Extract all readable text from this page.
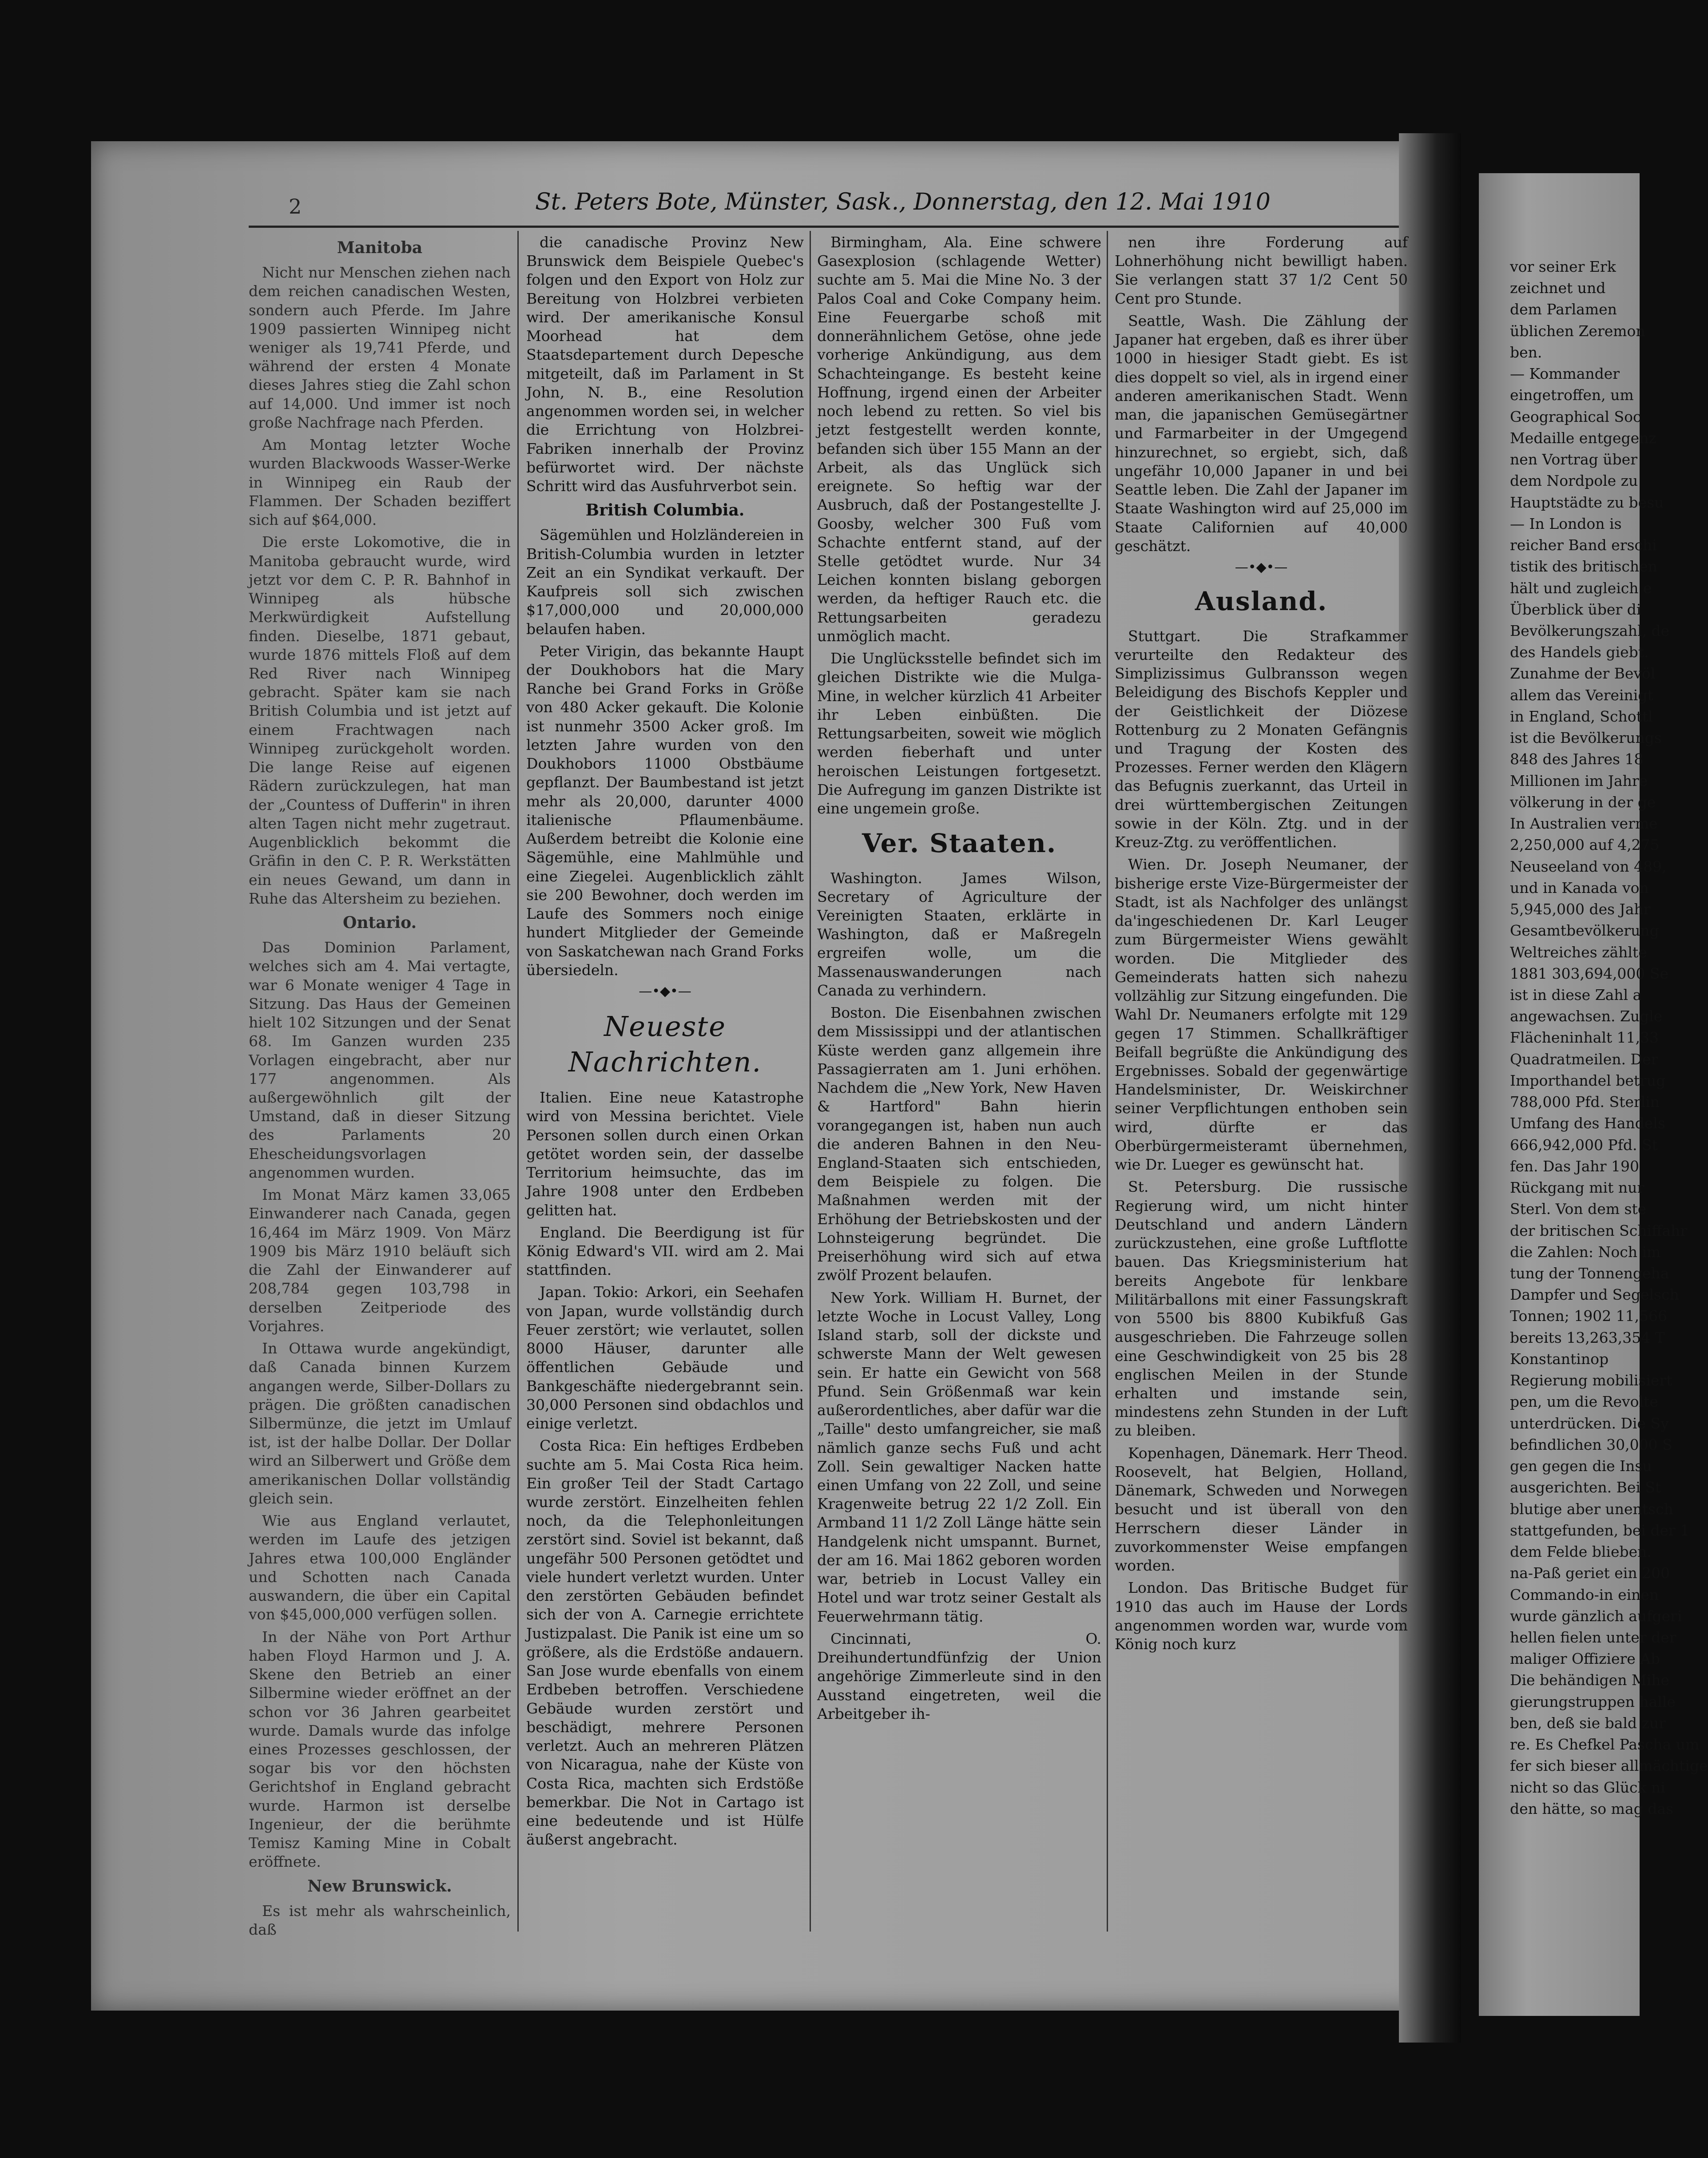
2	St. Peters Bote, Münster, Sask., Donnerstag, den 12. Mai 1910
Manitoba

Nicht nur Menschen ziehen nach dem reichen canadischen Westen, sondern auch Pferde. Im Jahre 1909 passierten Winnipeg nicht weniger als 19,741 Pferde, und während der ersten 4 Monate dieses Jahres stieg die Zahl schon auf 14,000. Und immer ist noch große Nachfrage nach Pferden.

Am Montag letzter Woche wurden Blackwoods Wasser-Werke in Winnipeg ein Raub der Flammen. Der Schaden beziffert sich auf $64,000.

Die erste Lokomotive, die in Manitoba gebraucht wurde, wird jetzt vor dem C. P. R. Bahnhof in Winnipeg als hübsche Merkwürdigkeit Aufstellung finden. Dieselbe, 1871 gebaut, wurde 1876 mittels Floß auf dem Red River nach Winnipeg gebracht. Später kam sie nach British Columbia und ist jetzt auf einem Frachtwagen nach Winnipeg zurückgeholt worden. Die lange Reise auf eigenen Rädern zurückzulegen, hat man der „Countess of Dufferin" in ihren alten Tagen nicht mehr zugetraut. Augenblicklich bekommt die Gräfin in den C. P. R. Werkstätten ein neues Gewand, um dann in Ruhe das Altersheim zu beziehen.

Ontario.

Das Dominion Parlament, welches sich am 4. Mai vertagte, war 6 Monate weniger 4 Tage in Sitzung. Das Haus der Gemeinen hielt 102 Sitzungen und der Senat 68. Im Ganzen wurden 235 Vorlagen eingebracht, aber nur 177 angenommen. Als außergewöhnlich gilt der Umstand, daß in dieser Sitzung des Parlaments 20 Ehescheidungsvorlagen angenommen wurden.

Im Monat März kamen 33,065 Einwanderer nach Canada, gegen 16,464 im März 1909. Von März 1909 bis März 1910 beläuft sich die Zahl der Einwanderer auf 208,784 gegen 103,798 in derselben Zeitperiode des Vorjahres.

In Ottawa wurde angekündigt, daß Canada binnen Kurzem angangen werde, Silber-Dollars zu prägen. Die größten canadischen Silbermünze, die jetzt im Umlauf ist, ist der halbe Dollar. Der Dollar wird an Silberwert und Größe dem amerikanischen Dollar vollständig gleich sein.

Wie aus England verlautet, werden im Laufe des jetzigen Jahres etwa 100,000 Engländer und Schotten nach Canada auswandern, die über ein Capital von $45,000,000 verfügen sollen.

In der Nähe von Port Arthur haben Floyd Harmon und J. A. Skene den Betrieb an einer Silbermine wieder eröffnet an der schon vor 36 Jahren gearbeitet wurde. Damals wurde das infolge eines Prozesses geschlossen, der sogar bis vor den höchsten Gerichtshof in England gebracht wurde. Harmon ist derselbe Ingenieur, der die berühmte Temisz Kaming Mine in Cobalt eröffnete.

New Brunswick.

Es ist mehr als wahrscheinlich, daß

die canadische Provinz New Brunswick dem Beispiele Quebec's folgen und den Export von Holz zur Bereitung von Holzbrei verbieten wird. Der amerikanische Konsul Moorhead hat dem Staatsdepartement durch Depesche mitgeteilt, daß im Parlament in St John, N. B., eine Resolution angenommen worden sei, in welcher die Errichtung von Holzbrei-Fabriken innerhalb der Provinz befürwortet wird. Der nächste Schritt wird das Ausfuhrverbot sein.

British Columbia.

Sägemühlen und Holzländereien in British-Columbia wurden in letzter Zeit an ein Syndikat verkauft. Der Kaufpreis soll sich zwischen $17,000,000 und 20,000,000 belaufen haben.

Peter Virigin, das bekannte Haupt der Doukhobors hat die Mary Ranche bei Grand Forks in Größe von 480 Acker gekauft. Die Kolonie ist nunmehr 3500 Acker groß. Im letzten Jahre wurden von den Doukhobors 11000 Obstbäume gepflanzt. Der Baumbestand ist jetzt mehr als 20,000, darunter 4000 italienische Pflaumenbäume. Außerdem betreibt die Kolonie eine Sägemühle, eine Mahlmühle und eine Ziegelei. Augenblicklich zählt sie 200 Bewohner, doch werden im Laufe des Sommers noch einige hundert Mitglieder der Gemeinde von Saskatchewan nach Grand Forks übersiedeln.

—•◆•—
Neueste Nachrichten.

Italien. Eine neue Katastrophe wird von Messina berichtet. Viele Personen sollen durch einen Orkan getötet worden sein, der dasselbe Territorium heimsuchte, das im Jahre 1908 unter den Erdbeben gelitten hat.

England. Die Beerdigung ist für König Edward's VII. wird am 2. Mai stattfinden.

Japan. Tokio: Arkori, ein Seehafen von Japan, wurde vollständig durch Feuer zerstört; wie verlautet, sollen 8000 Häuser, darunter alle öffentlichen Gebäude und Bankgeschäfte niedergebrannt sein. 30,000 Personen sind obdachlos und einige verletzt.

Costa Rica: Ein heftiges Erdbeben suchte am 5. Mai Costa Rica heim. Ein großer Teil der Stadt Cartago wurde zerstört. Einzelheiten fehlen noch, da die Telephonleitungen zerstört sind. Soviel ist bekannt, daß ungefähr 500 Personen getödtet und viele hundert verletzt wurden. Unter den zerstörten Gebäuden befindet sich der von A. Carnegie errichtete Justizpalast. Die Panik ist eine um so größere, als die Erdstöße andauern. San Jose wurde ebenfalls von einem Erdbeben betroffen. Verschiedene Gebäude wurden zerstört und beschädigt, mehrere Personen verletzt. Auch an mehreren Plätzen von Nicaragua, nahe der Küste von Costa Rica, machten sich Erdstöße bemerkbar. Die Not in Cartago ist eine bedeutende und ist Hülfe äußerst angebracht.

Birmingham, Ala. Eine schwere Gasexplosion (schlagende Wetter) suchte am 5. Mai die Mine No. 3 der Palos Coal and Coke Company heim. Eine Feuergarbe schoß mit donnerähnlichem Getöse, ohne jede vorherige Ankündigung, aus dem Schachteingange. Es besteht keine Hoffnung, irgend einen der Arbeiter noch lebend zu retten. So viel bis jetzt festgestellt werden konnte, befanden sich über 155 Mann an der Arbeit, als das Unglück sich ereignete. So heftig war der Ausbruch, daß der Postangestellte J. Goosby, welcher 300 Fuß vom Schachte entfernt stand, auf der Stelle getödtet wurde. Nur 34 Leichen konnten bislang geborgen werden, da heftiger Rauch etc. die Rettungsarbeiten geradezu unmöglich macht.

Die Unglücksstelle befindet sich im gleichen Distrikte wie die Mulga-Mine, in welcher kürzlich 41 Arbeiter ihr Leben einbüßten. Die Rettungsarbeiten, soweit wie möglich werden fieberhaft und unter heroischen Leistungen fortgesetzt. Die Aufregung im ganzen Distrikte ist eine ungemein große.

Ver. Staaten.

Washington. James Wilson, Secretary of Agriculture der Vereinigten Staaten, erklärte in Washington, daß er Maßregeln ergreifen wolle, um die Massenauswanderungen nach Canada zu verhindern.

Boston. Die Eisenbahnen zwischen dem Mississippi und der atlantischen Küste werden ganz allgemein ihre Passagierraten am 1. Juni erhöhen. Nachdem die „New York, New Haven & Hartford" Bahn hierin vorangegangen ist, haben nun auch die anderen Bahnen in den Neu-England-Staaten sich entschieden, dem Beispiele zu folgen. Die Maßnahmen werden mit der Erhöhung der Betriebskosten und der Lohnsteigerung begründet. Die Preiserhöhung wird sich auf etwa zwölf Prozent belaufen.

New York. William H. Burnet, der letzte Woche in Locust Valley, Long Island starb, soll der dickste und schwerste Mann der Welt gewesen sein. Er hatte ein Gewicht von 568 Pfund. Sein Größenmaß war kein außerordentliches, aber dafür war die „Taille" desto umfangreicher, sie maß nämlich ganze sechs Fuß und acht Zoll. Sein gewaltiger Nacken hatte einen Umfang von 22 Zoll, und seine Kragenweite betrug 22 1/2 Zoll. Ein Armband 11 1/2 Zoll Länge hätte sein Handgelenk nicht umspannt. Burnet, der am 16. Mai 1862 geboren worden war, betrieb in Locust Valley ein Hotel und war trotz seiner Gestalt als Feuerwehrmann tätig.

Cincinnati, O. Dreihundertundfünfzig der Union angehörige Zimmerleute sind in den Ausstand eingetreten, weil die Arbeitgeber ih-

nen ihre Forderung auf Lohnerhöhung nicht bewilligt haben. Sie verlangen statt 37 1/2 Cent 50 Cent pro Stunde.

Seattle, Wash. Die Zählung der Japaner hat ergeben, daß es ihrer über 1000 in hiesiger Stadt giebt. Es ist dies doppelt so viel, als in irgend einer anderen amerikanischen Stadt. Wenn man, die japanischen Gemüsegärtner und Farmarbeiter in der Umgegend hinzurechnet, so ergiebt, sich, daß ungefähr 10,000 Japaner in und bei Seattle leben. Die Zahl der Japaner im Staate Washington wird auf 25,000 im Staate Californien auf 40,000 geschätzt.

—•◆•—
Ausland.

Stuttgart. Die Strafkammer verurteilte den Redakteur des Simplizissimus Gulbransson wegen Beleidigung des Bischofs Keppler und der Geistlichkeit der Diözese Rottenburg zu 2 Monaten Gefängnis und Tragung der Kosten des Prozesses. Ferner werden den Klägern das Befugnis zuerkannt, das Urteil in drei württembergischen Zeitungen sowie in der Köln. Ztg. und in der Kreuz-Ztg. zu veröffentlichen.

Wien. Dr. Joseph Neumaner, der bisherige erste Vize-Bürgermeister der Stadt, ist als Nachfolger des unlängst da'ingeschiedenen Dr. Karl Leuger zum Bürgermeister Wiens gewählt worden. Die Mitglieder des Gemeinderats hatten sich nahezu vollzählig zur Sitzung eingefunden. Die Wahl Dr. Neumaners erfolgte mit 129 gegen 17 Stimmen. Schallkräftiger Beifall begrüßte die Ankündigung des Ergebnisses. Sobald der gegenwärtige Handelsminister, Dr. Weiskirchner seiner Verpflichtungen enthoben sein wird, dürfte er das Oberbürgermeisteramt übernehmen, wie Dr. Lueger es gewünscht hat.

St. Petersburg. Die russische Regierung wird, um nicht hinter Deutschland und andern Ländern zurückzustehen, eine große Luftflotte bauen. Das Kriegsministerium hat bereits Angebote für lenkbare Militärballons mit einer Fassungskraft von 5500 bis 8800 Kubikfuß Gas ausgeschrieben. Die Fahrzeuge sollen eine Geschwindigkeit von 25 bis 28 englischen Meilen in der Stunde erhalten und imstande sein, mindestens zehn Stunden in der Luft zu bleiben.

Kopenhagen, Dänemark. Herr Theod. Roosevelt, hat Belgien, Holland, Dänemark, Schweden und Norwegen besucht und ist überall von den Herrschern dieser Länder in zuvorkommenster Weise empfangen worden.

London. Das Britische Budget für 1910 das auch im Hause der Lords angenommen worden war, wurde vom König noch kurz

vor seiner Erk
zeichnet und
dem Parlamen
üblichen Zeremon
ben.
— Kommander
eingetroffen, um
Geographical Soc
Medaille entgegenz
nen Vortrag über
dem Nordpole zu
Hauptstädte zu besu
— In London is
reicher Band erschi
tistik des britischen
hält und zugleich e
Überblick über di
Bevölkerungszahl, de
des Handels giebt.
Zunahme der Bevöl
allem das Vereinigt
in England, Schottl
ist die Bevölkerungs
848 des Jahres 18
Millionen im Jahre
völkerung in der ge
In Australien verme
2,250,000 auf 4,275
Neuseeland von 489,
und in Kanada von
5,945,000 des Jahr
Gesamtbevölkerung
Weltreiches zählte
1881 303,694,000 Se
ist in diese Zahl a
angewachsen. Zugle
Flächeninhalt 11,33
Quadratmeilen. Der
Importhandel betrug
788,000 Pfd. Sterlin
Umfang des Handels
666,942,000 Pfd. St
fen. Das Jahr 190
Rückgang mit nur
Sterl. Von dem ste
der britischen Schiffahr
die Zahlen: Noch im
tung der Tonnengeha
Dampfer und Segelsch
Tonnen; 1902 11,566
bereits 13,263,354 T
Konstantinop
Regierung mobilisiert
pen, um die Revolte
unterdrücken. Die Sy
befindlichen 30,000 S
gen gegen die Insu
ausgerichten. Bei St
blutige aber unentsch
stattgefunden, bei der 1
dem Felde blieben.
na-Paß geriet ein 200
Commando-in einen
wurde gänzlich aufgeri
hellen fielen unter der
maliger Offiziere Ab
Die behändigen Mihe
gierungstruppen halle
ben, deß sie bald zur
re. Es Chefkel Pascha um
fer sich bieser allmächtige
nicht so das Glück ni
den hätte, so mag das
